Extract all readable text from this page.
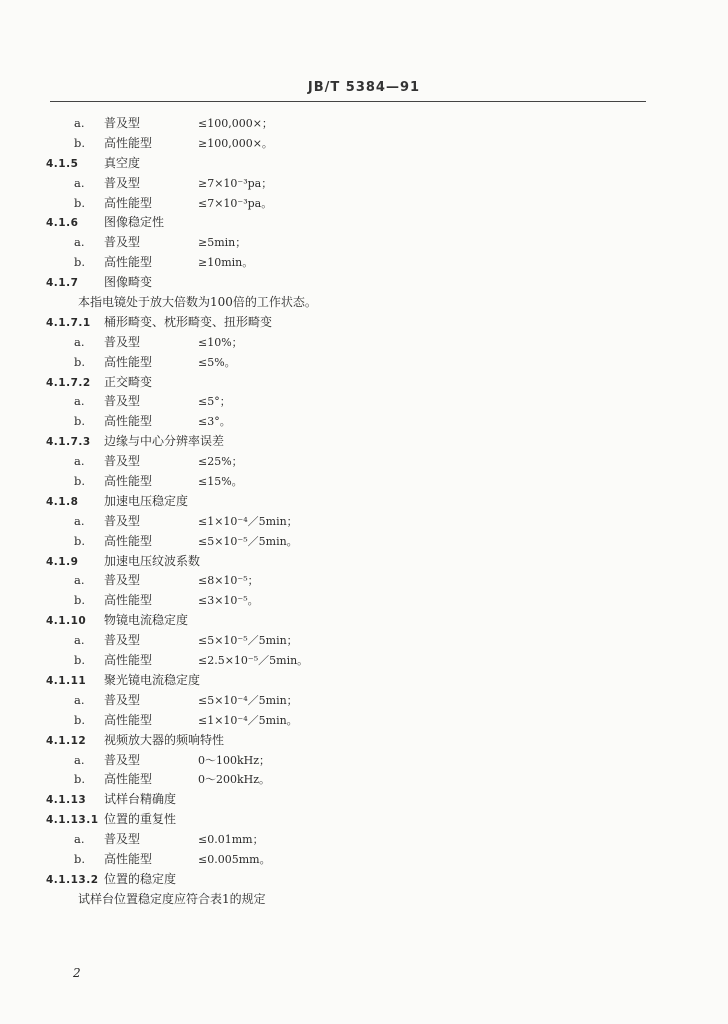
JB/T 5384—91
a. 普及型	≤100,000×；
b. 高性能型	≥100,000×。
4.1.5 真空度
a. 普及型	≥7×10⁻³pa；
b. 高性能型	≤7×10⁻³pa。
4.1.6 图像稳定性
a. 普及型	≥5min；
b. 高性能型	≥10min。
4.1.7 图像畸变
本指电镜处于放大倍数为100倍的工作状态。
4.1.7.1 桶形畸变、枕形畸变、扭形畸变
a. 普及型	≤10%；
b. 高性能型	≤5%。
4.1.7.2 正交畸变
a. 普及型	≤5°；
b. 高性能型	≤3°。
4.1.7.3 边缘与中心分辨率误差
a. 普及型	≤25%；
b. 高性能型	≤15%。
4.1.8 加速电压稳定度
a. 普及型	≤1×10⁻⁴／5min；
b. 高性能型	≤5×10⁻⁵／5min。
4.1.9 加速电压纹波系数
a. 普及型	≤8×10⁻⁵；
b. 高性能型	≤3×10⁻⁵。
4.1.10 物镜电流稳定度
a. 普及型	≤5×10⁻⁵／5min；
b. 高性能型	≤2.5×10⁻⁵／5min。
4.1.11 聚光镜电流稳定度
a. 普及型	≤5×10⁻⁴／5min；
b. 高性能型	≤1×10⁻⁴／5min。
4.1.12 视频放大器的频响特性
a. 普及型	0～100kHz；
b. 高性能型	0～200kHz。
4.1.13 试样台精确度
4.1.13.1 位置的重复性
a. 普及型	≤0.01mm；
b. 高性能型	≤0.005mm。
4.1.13.2 位置的稳定度
试样台位置稳定度应符合表1的规定
2
